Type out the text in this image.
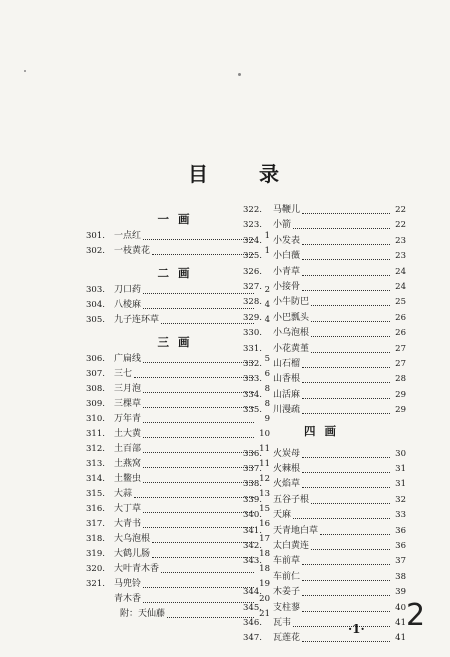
目 录
一画
301.	一点红	1
302.	一枝黄花	1
二画
303.	刀口药	2
304.	八棱麻	4
305.	九子连环草	4
三画
306.	广扁线	5
307.	三七	6
308.	三月泡	8
309.	三棵草	8
310.	万年青	9
311.	土大黄	10
312.	土百部	11
313.	土燕窝	11
314.	土鳖虫	12
315.	大蒜	13
316.	大丁草	15
317.	大青书	16
318.	大乌泡根	17
319.	大鹤儿肠	18
320.	大叶青木香	18
321.	马兜铃	19
青木香	20
附：天仙藤	21
322.	马鞭儿	22
323.	小箭	22
324.	小发表	23
325.	小白薇	23
326.	小青草	24
327.	小接骨	24
328.	小牛防巴	25
329.	小巴瓢头	26
330.	小乌泡根	26
331.	小花黄堇	27
332.	山石榴	27
333.	山香根	28
334.	山活麻	29
335.	川漫疏	29
四画
336.	火炭母	30
337.	火棘根	31
338.	火焰草	31
339.	五谷子根	32
340.	天麻	33
341.	天青地白草	36
342.	太白黄连	36
343.	车前草	37
车前仁	38
344.	木姜子	39
345.	支柱蓼	40
346.	瓦韦	41
347.	瓦莲花	41
·1· 2
